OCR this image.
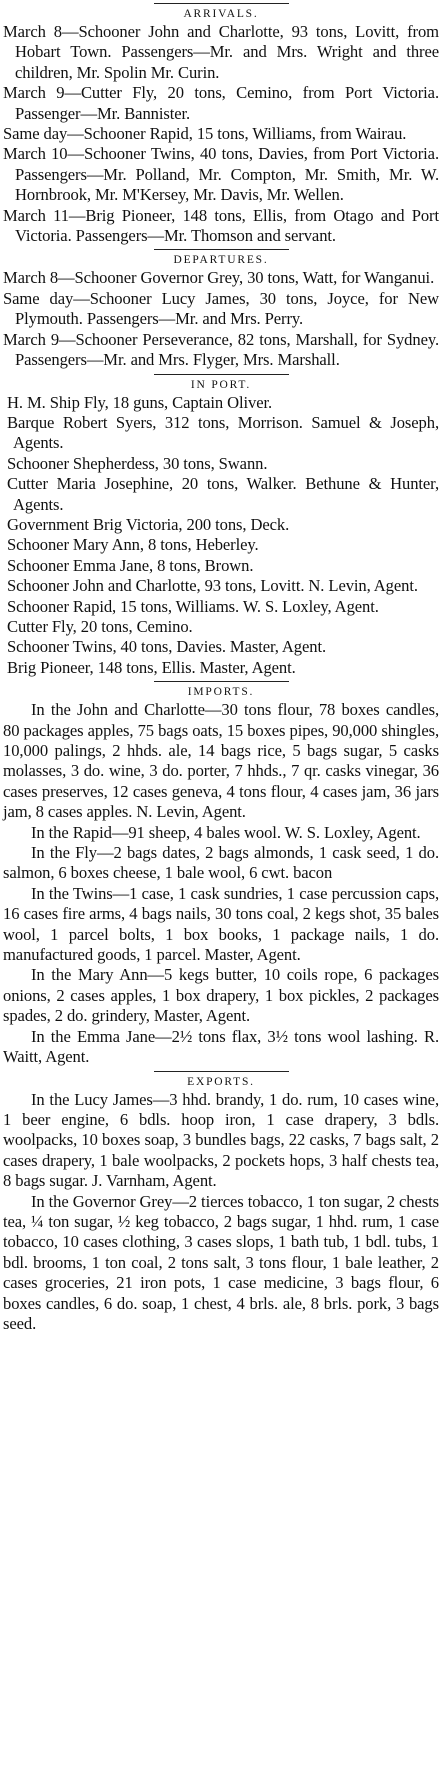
ARRIVALS.

March 8—Schooner John and Charlotte, 93 tons, Lovitt, from Hobart Town. Passengers—Mr. and Mrs. Wright and three children, Mr. Spolin Mr. Curin.

March 9—Cutter Fly, 20 tons, Cemino, from Port Victoria. Passenger—Mr. Bannister.

Same day—Schooner Rapid, 15 tons, Williams, from Wairau.

March 10—Schooner Twins, 40 tons, Davies, from Port Victoria. Passengers—Mr. Polland, Mr. Compton, Mr. Smith, Mr. W. Hornbrook, Mr. M'Kersey, Mr. Davis, Mr. Wellen.

March 11—Brig Pioneer, 148 tons, Ellis, from Otago and Port Victoria. Passengers—Mr. Thomson and servant.

DEPARTURES.

March 8—Schooner Governor Grey, 30 tons, Watt, for Wanganui.

Same day—Schooner Lucy James, 30 tons, Joyce, for New Plymouth. Passengers—Mr. and Mrs. Perry.

March 9—Schooner Perseverance, 82 tons, Marshall, for Sydney. Passengers—Mr. and Mrs. Flyger, Mrs. Marshall.

IN PORT.

H. M. Ship Fly, 18 guns, Captain Oliver.

Barque Robert Syers, 312 tons, Morrison. Samuel & Joseph, Agents.

Schooner Shepherdess, 30 tons, Swann.

Cutter Maria Josephine, 20 tons, Walker. Bethune & Hunter, Agents.

Government Brig Victoria, 200 tons, Deck.

Schooner Mary Ann, 8 tons, Heberley.

Schooner Emma Jane, 8 tons, Brown.

Schooner John and Charlotte, 93 tons, Lovitt. N. Levin, Agent.

Schooner Rapid, 15 tons, Williams. W. S. Loxley, Agent.

Cutter Fly, 20 tons, Cemino.

Schooner Twins, 40 tons, Davies. Master, Agent.

Brig Pioneer, 148 tons, Ellis. Master, Agent.

IMPORTS.

In the John and Charlotte—30 tons flour, 78 boxes candles, 80 packages apples, 75 bags oats, 15 boxes pipes, 90,000 shingles, 10,000 palings, 2 hhds. ale, 14 bags rice, 5 bags sugar, 5 casks molasses, 3 do. wine, 3 do. porter, 7 hhds., 7 qr. casks vinegar, 36 cases preserves, 12 cases geneva, 4 tons flour, 4 cases jam, 36 jars jam, 8 cases apples. N. Levin, Agent.

In the Rapid—91 sheep, 4 bales wool. W. S. Loxley, Agent.

In the Fly—2 bags dates, 2 bags almonds, 1 cask seed, 1 do. salmon, 6 boxes cheese, 1 bale wool, 6 cwt. bacon

In the Twins—1 case, 1 cask sundries, 1 case percussion caps, 16 cases fire arms, 4 bags nails, 30 tons coal, 2 kegs shot, 35 bales wool, 1 parcel bolts, 1 box books, 1 package nails, 1 do. manufactured goods, 1 parcel. Master, Agent.

In the Mary Ann—5 kegs butter, 10 coils rope, 6 packages onions, 2 cases apples, 1 box drapery, 1 box pickles, 2 packages spades, 2 do. grindery, Master, Agent.

In the Emma Jane—2½ tons flax, 3½ tons wool lashing. R. Waitt, Agent.

EXPORTS.

In the Lucy James—3 hhd. brandy, 1 do. rum, 10 cases wine, 1 beer engine, 6 bdls. hoop iron, 1 case drapery, 3 bdls. woolpacks, 10 boxes soap, 3 bundles bags, 22 casks, 7 bags salt, 2 cases drapery, 1 bale woolpacks, 2 pockets hops, 3 half chests tea, 8 bags sugar. J. Varnham, Agent.

In the Governor Grey—2 tierces tobacco, 1 ton sugar, 2 chests tea, ¼ ton sugar, ½ keg tobacco, 2 bags sugar, 1 hhd. rum, 1 case tobacco, 10 cases clothing, 3 cases slops, 1 bath tub, 1 bdl. tubs, 1 bdl. brooms, 1 ton coal, 2 tons salt, 3 tons flour, 1 bale leather, 2 cases groceries, 21 iron pots, 1 case medicine, 3 bags flour, 6 boxes candles, 6 do. soap, 1 chest, 4 brls. ale, 8 brls. pork, 3 bags seed.
